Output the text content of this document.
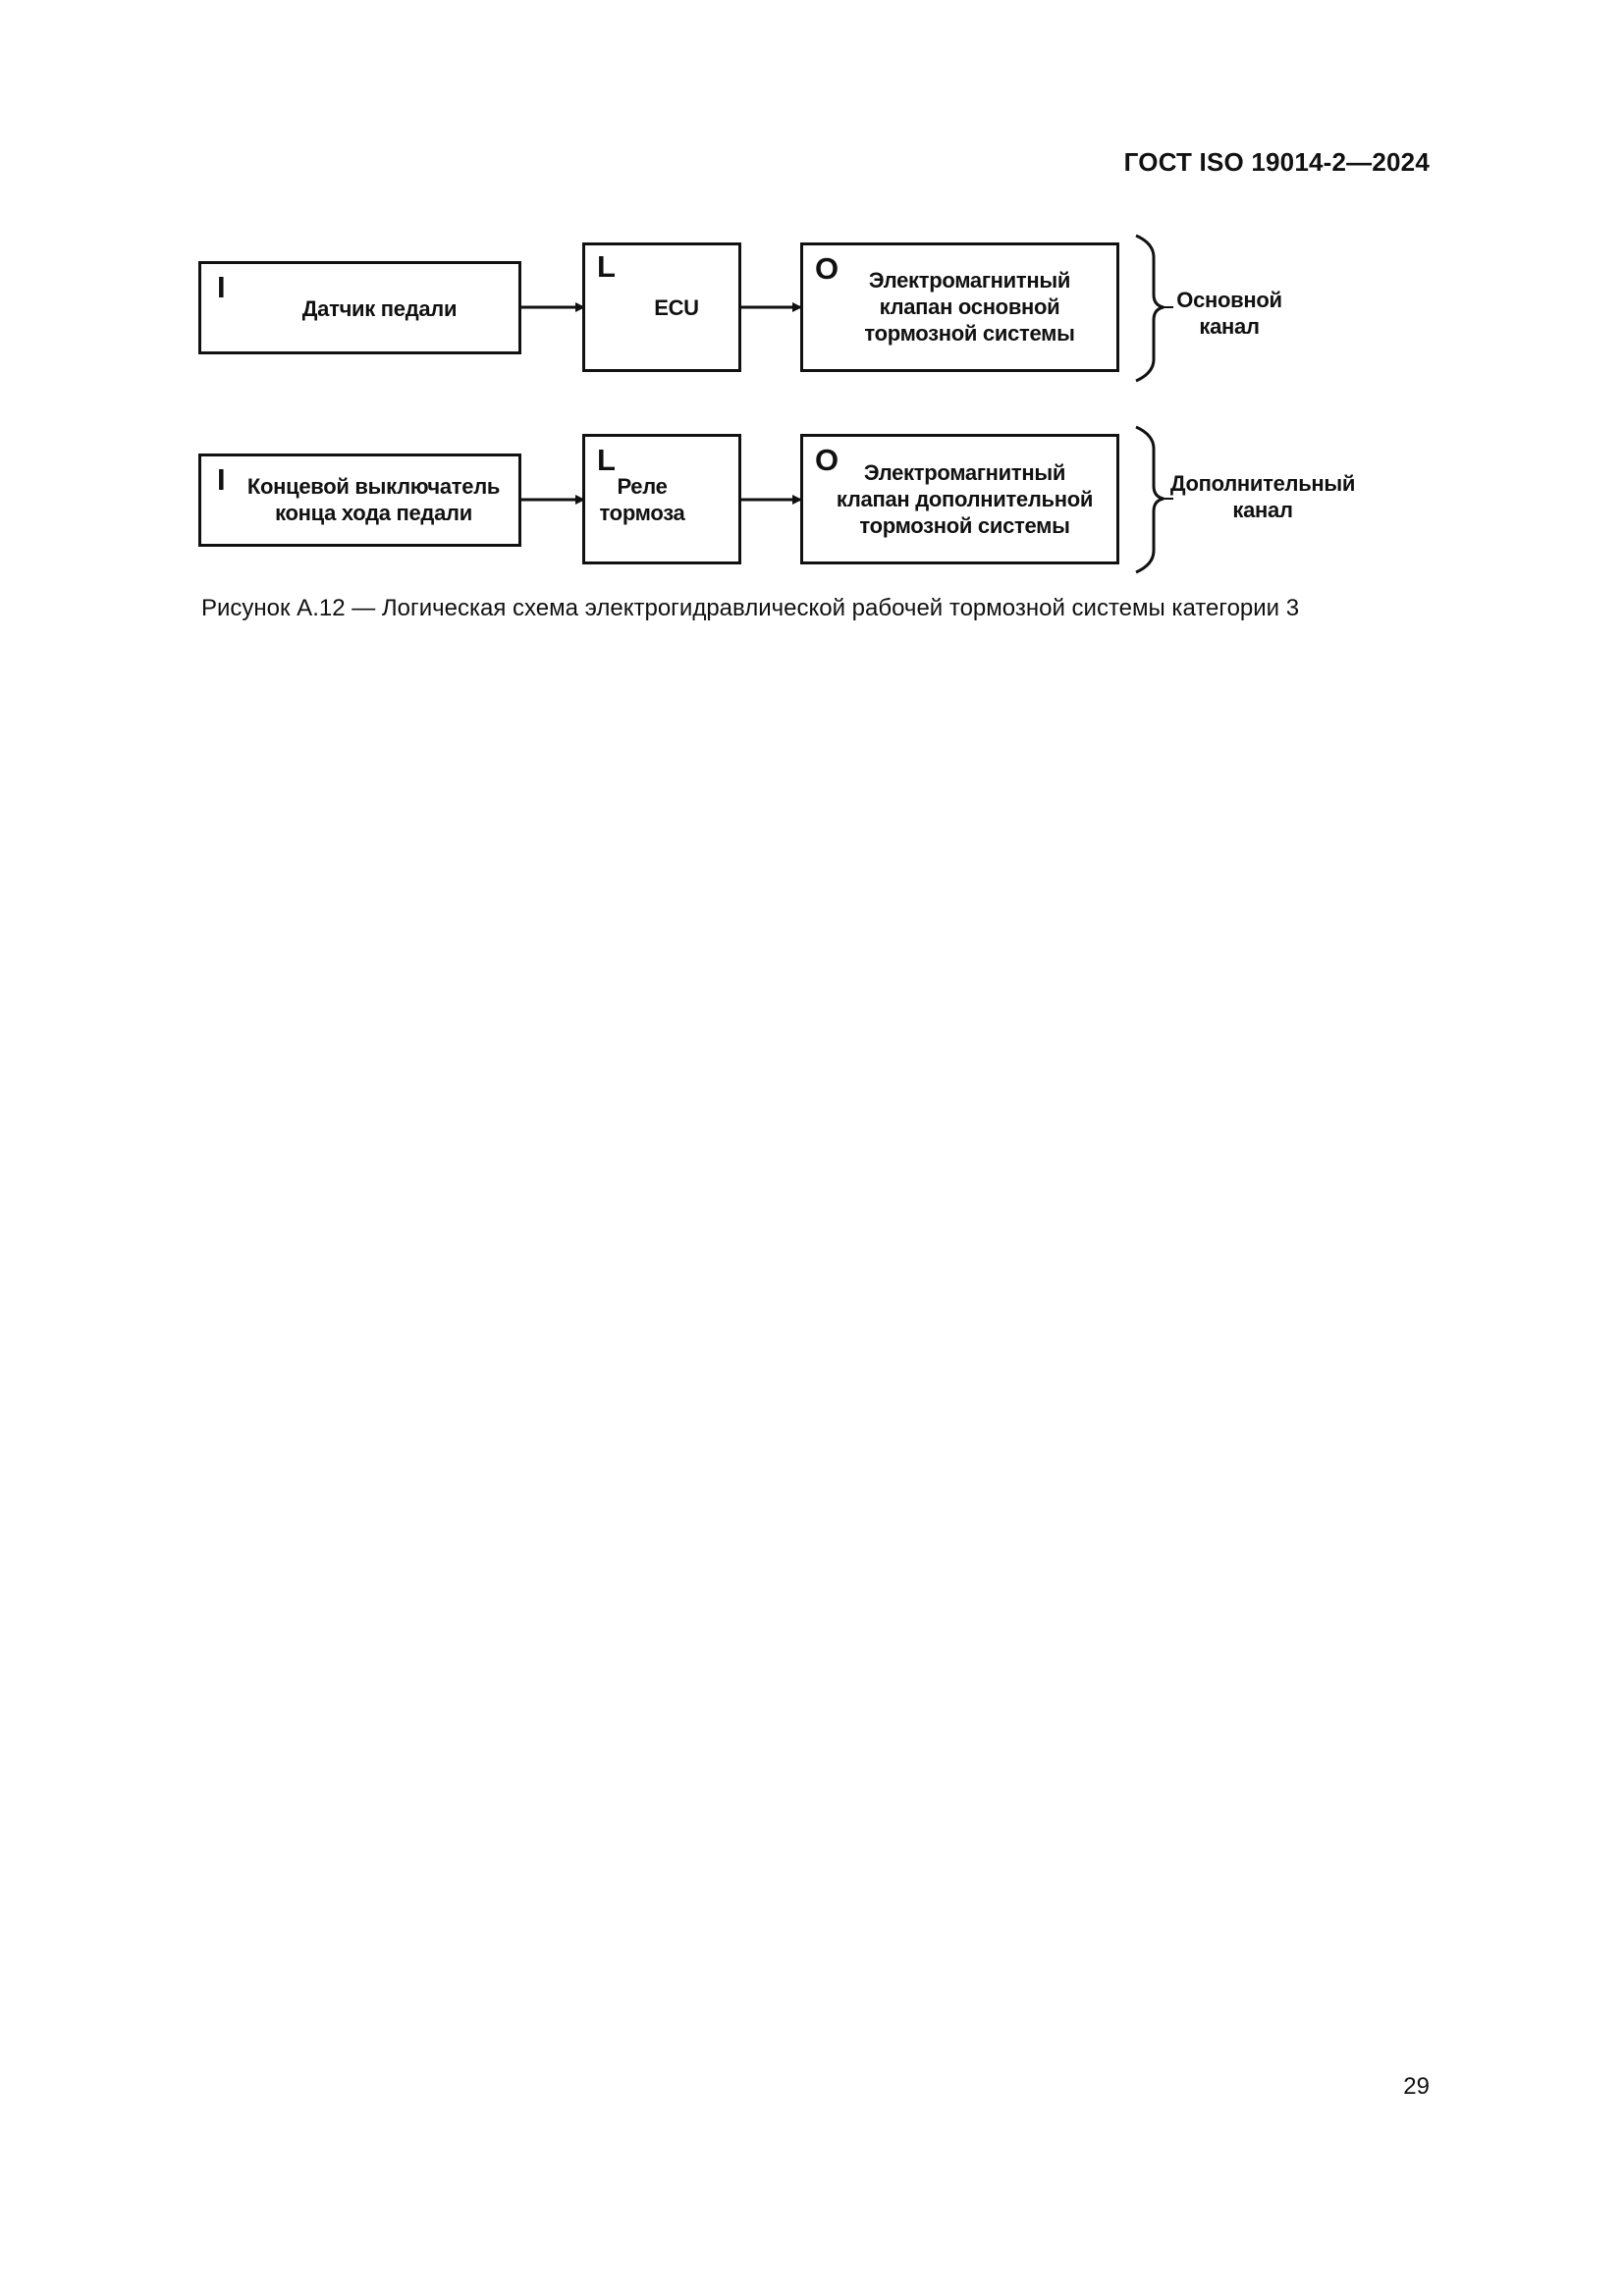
ГОСТ ISO 19014-2—2024
I
Датчик педали
L
ECU
O	Электромагнитный
клапан основной
тормозной системы
Основной
канал
I	Концевой выключатель
конца хода педали
L
Реле
тормоза
O	Электромагнитный
клапан дополнительной
тормозной системы
Дополнительный
канал
Рисунок А.12 — Логическая схема электрогидравлической рабочей тормозной системы категории 3
29
